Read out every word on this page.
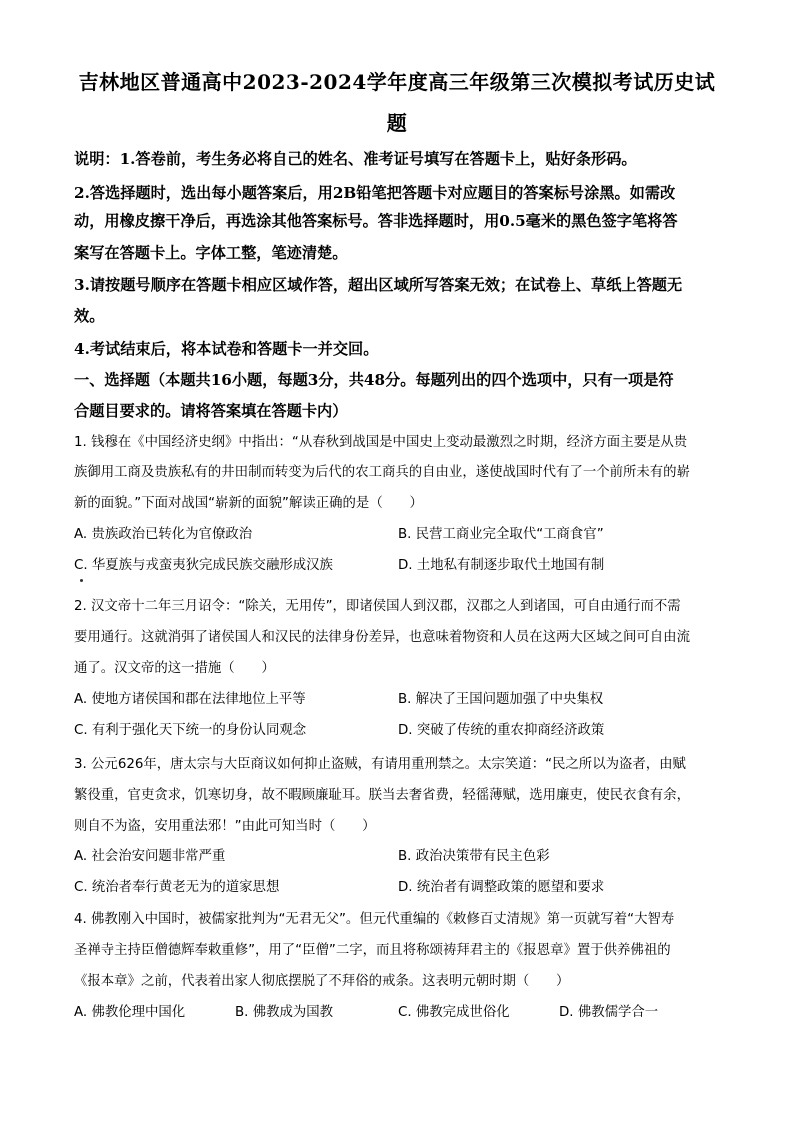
吉林地区普通高中2023-2024学年度高三年级第三次模拟考试历史试
题
说明：1.答卷前，考生务必将自己的姓名、准考证号填写在答题卡上，贴好条形码。
2.答选择题时，选出每小题答案后，用2B铅笔把答题卡对应题目的答案标号涂黑。如需改
动，用橡皮擦干净后，再选涂其他答案标号。答非选择题时，用0.5毫米的黑色签字笔将答
案写在答题卡上。字体工整，笔迹清楚。
3.请按题号顺序在答题卡相应区域作答，超出区域所写答案无效；在试卷上、草纸上答题无
效。
4.考试结束后，将本试卷和答题卡一并交回。
一、选择题（本题共16小题，每题3分，共48分。每题列出的四个选项中，只有一项是符
合题目要求的。请将答案填在答题卡内）
1. 钱穆在《中国经济史纲》中指出：“从春秋到战国是中国史上变动最激烈之时期，经济方面主要是从贵
族御用工商及贵族私有的井田制而转变为后代的农工商兵的自由业，遂使战国时代有了一个前所未有的崭
新的面貌。”下面对战国“崭新的面貌”解读正确的是（　　）
A. 贵族政治已转化为官僚政治	B. 民营工商业完全取代“工商食官”
C. 华夏族与戎蛮夷狄完成民族交融形成汉族	D. 土地私有制逐步取代土地国有制
2. 汉文帝十二年三月诏令：“除关，无用传”，即诸侯国人到汉郡，汉郡之人到诸国，可自由通行而不需
要用通行。这就消弭了诸侯国人和汉民的法律身份差异，也意味着物资和人员在这两大区域之间可自由流
通了。汉文帝的这一措施（　　）
A. 使地方诸侯国和郡在法律地位上平等	B. 解决了王国问题加强了中央集权
C. 有利于强化天下统一的身份认同观念	D. 突破了传统的重农抑商经济政策
3. 公元626年，唐太宗与大臣商议如何抑止盗贼，有请用重刑禁之。太宗笑道：“民之所以为盗者，由赋
繁役重，官吏贪求，饥寒切身，故不暇顾廉耻耳。朕当去奢省费，轻徭薄赋，选用廉吏，使民衣食有余，
则自不为盗，安用重法邪！”由此可知当时（　　）
A. 社会治安问题非常严重	B. 政治决策带有民主色彩
C. 统治者奉行黄老无为的道家思想	D. 统治者有调整政策的愿望和要求
4. 佛教刚入中国时，被儒家批判为“无君无父”。但元代重编的《敕修百丈清规》第一页就写着“大智寿
圣禅寺主持臣僧德辉奉敕重修”，用了“臣僧”二字，而且将称颂祷拜君主的《报恩章》置于供养佛祖的
《报本章》之前，代表着出家人彻底摆脱了不拜俗的戒条。这表明元朝时期（　　）
A. 佛教伦理中国化	B. 佛教成为国教	C. 佛教完成世俗化	D. 佛教儒学合一
